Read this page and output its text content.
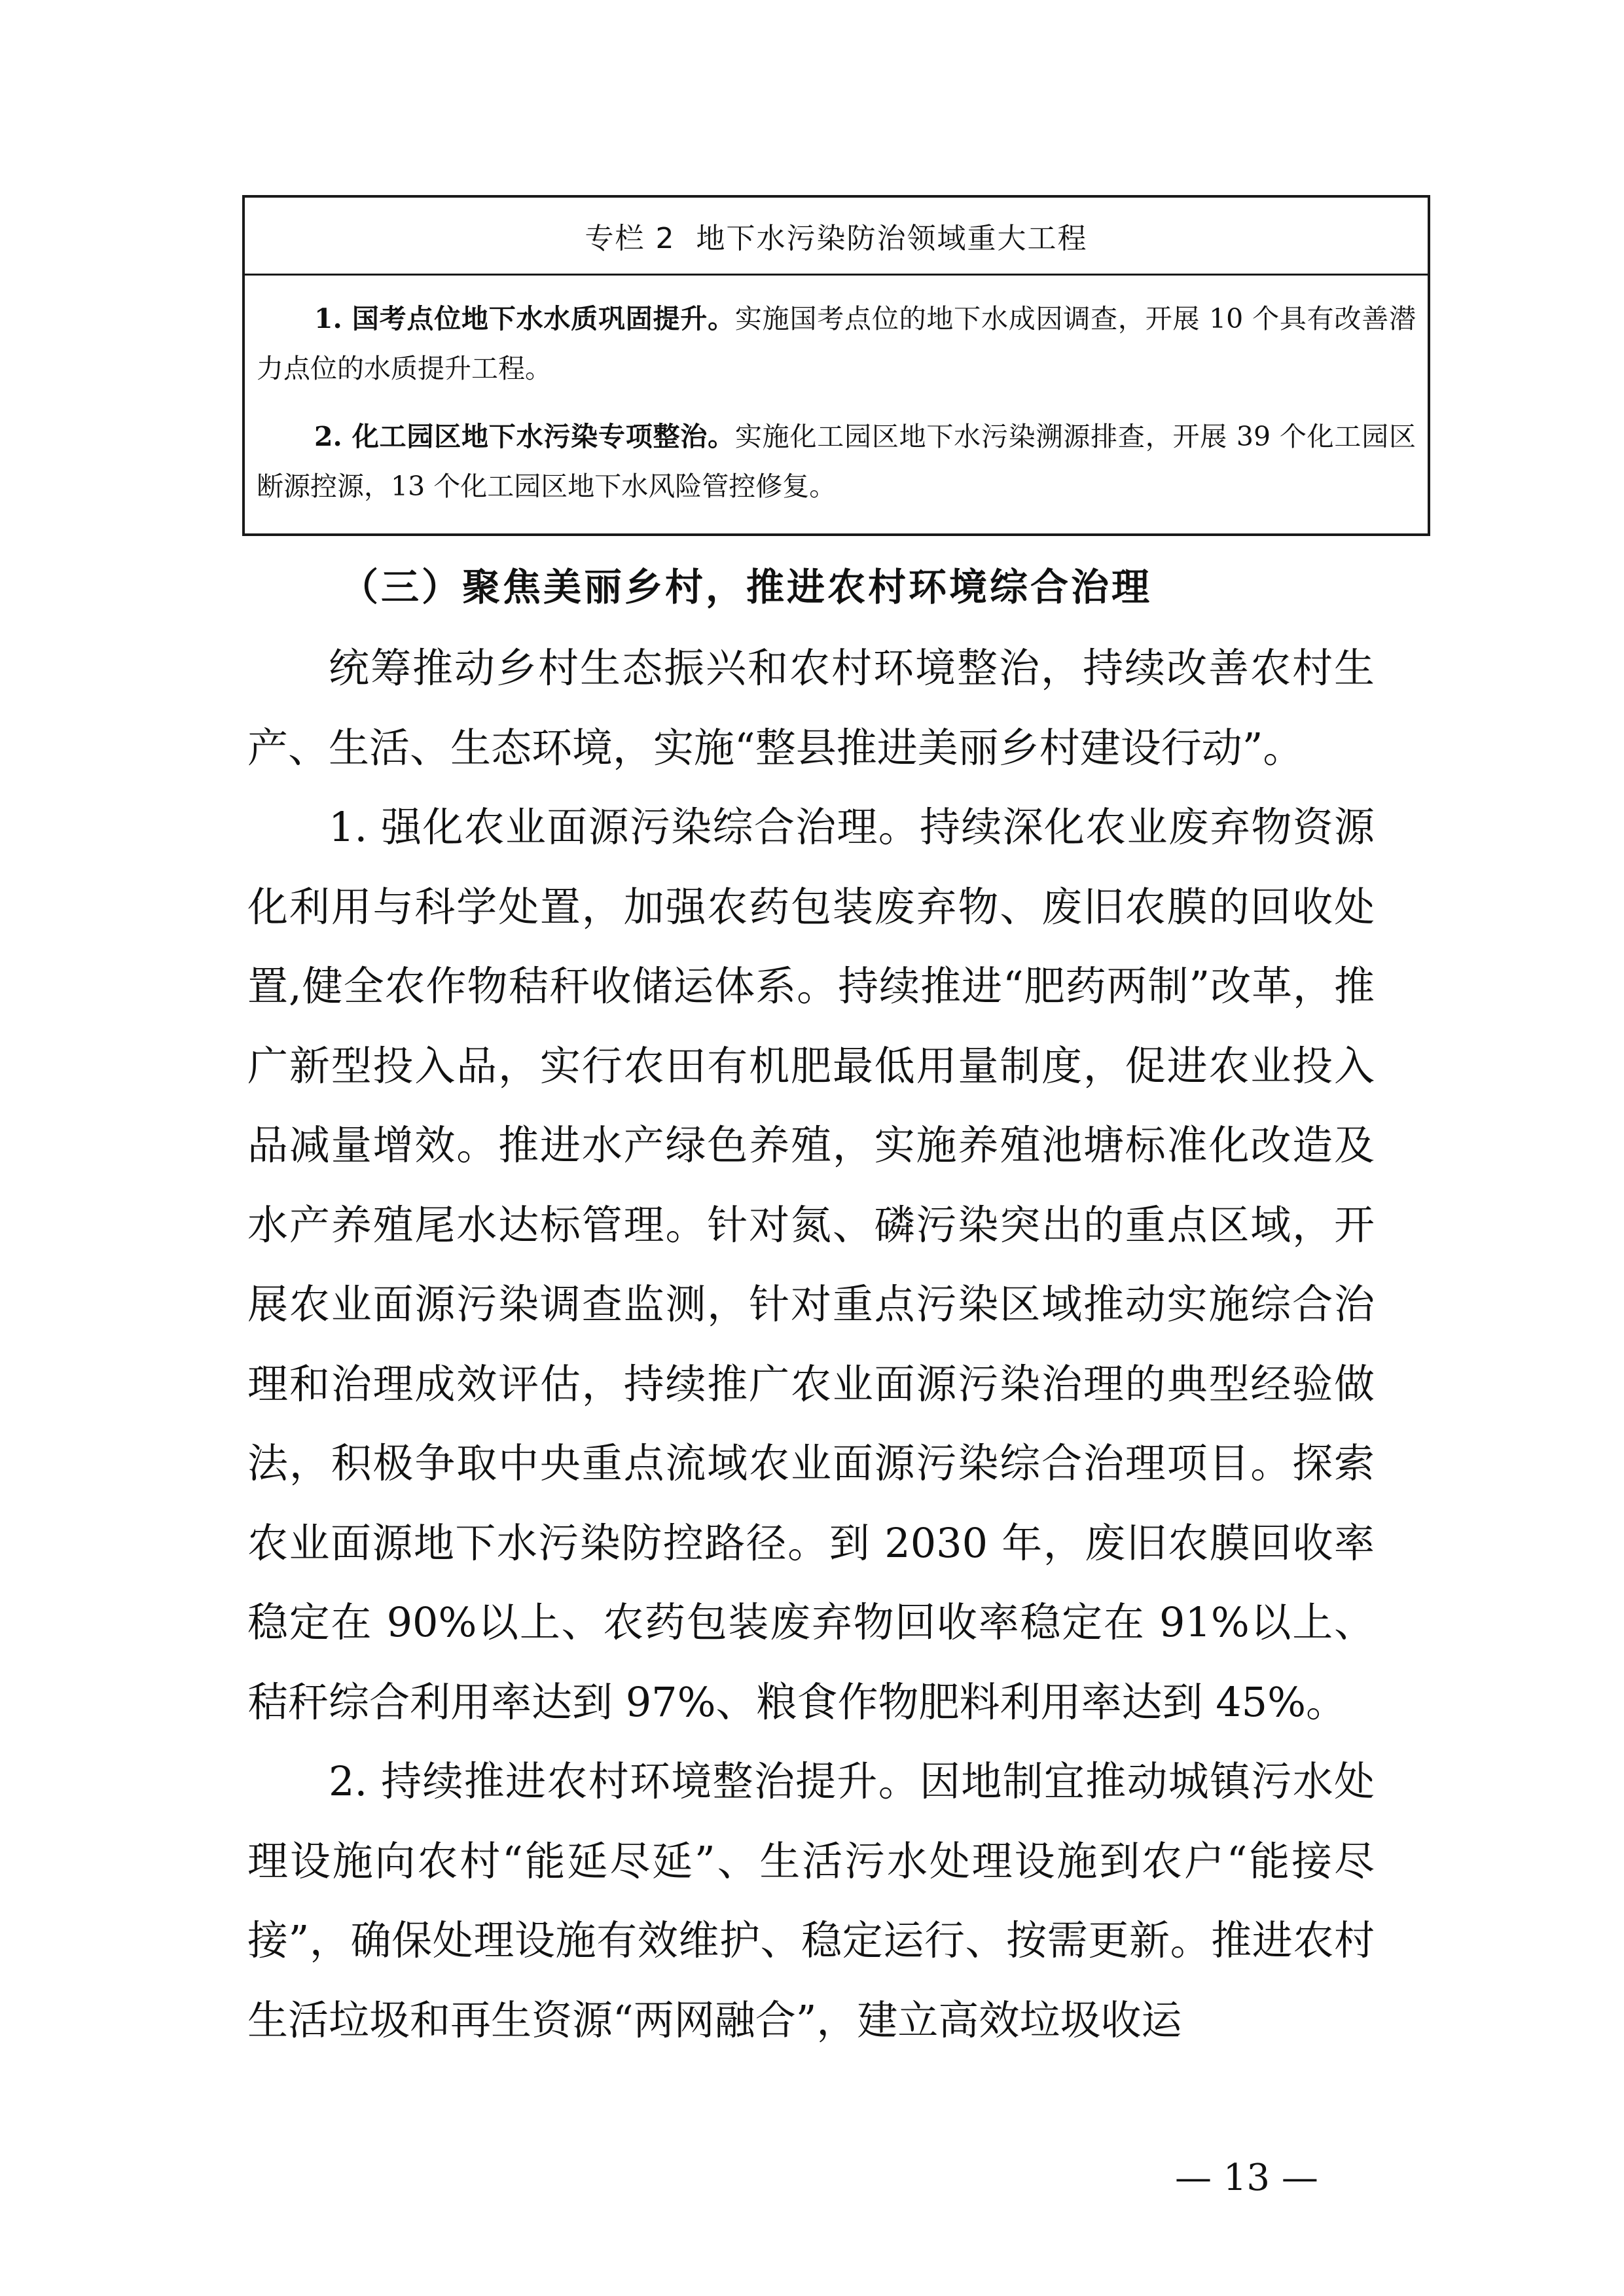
专栏 2 地下水污染防治领域重大工程

1. 国考点位地下水水质巩固提升。实施国考点位的地下水成因调查，开展 10 个具有改善潜力点位的水质提升工程。

2. 化工园区地下水污染专项整治。实施化工园区地下水污染溯源排查，开展 39 个化工园区断源控源，13 个化工园区地下水风险管控修复。

（三）聚焦美丽乡村，推进农村环境综合治理

统筹推动乡村生态振兴和农村环境整治，持续改善农村生产、生活、生态环境，实施“整县推进美丽乡村建设行动”。

1. 强化农业面源污染综合治理。持续深化农业废弃物资源化利用与科学处置，加强农药包装废弃物、废旧农膜的回收处置,健全农作物秸秆收储运体系。持续推进“肥药两制”改革，推广新型投入品，实行农田有机肥最低用量制度，促进农业投入品减量增效。推进水产绿色养殖，实施养殖池塘标准化改造及水产养殖尾水达标管理。针对氮、磷污染突出的重点区域，开展农业面源污染调查监测，针对重点污染区域推动实施综合治理和治理成效评估，持续推广农业面源污染治理的典型经验做法，积极争取中央重点流域农业面源污染综合治理项目。探索农业面源地下水污染防控路径。到 2030 年，废旧农膜回收率稳定在 90%以上、农药包装废弃物回收率稳定在 91%以上、秸秆综合利用率达到 97%、粮食作物肥料利用率达到 45%。

2. 持续推进农村环境整治提升。因地制宜推动城镇污水处理设施向农村“能延尽延”、生活污水处理设施到农户“能接尽接”，确保处理设施有效维护、稳定运行、按需更新。推进农村生活垃圾和再生资源“两网融合”，建立高效垃圾收运

— 13 —
